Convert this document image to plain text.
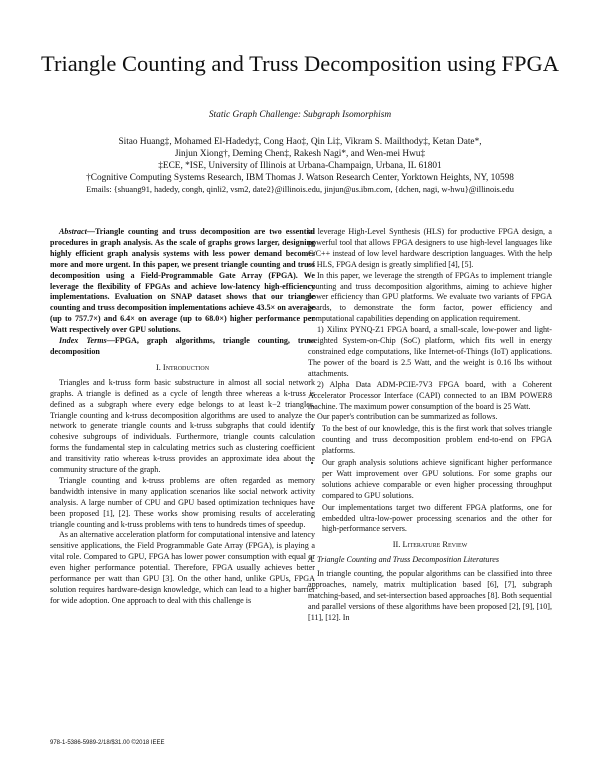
Triangle Counting and Truss Decomposition using FPGA
Static Graph Challenge: Subgraph Isomorphism
Sitao Huang‡, Mohamed El-Hadedy‡, Cong Hao‡, Qin Li‡, Vikram S. Mailthody‡, Ketan Date*,
Jinjun Xiong†, Deming Chen‡, Rakesh Nagi*, and Wen-mei Hwu‡
‡ECE, *ISE, University of Illinois at Urbana-Champaign, Urbana, IL 61801
†Cognitive Computing Systems Research, IBM Thomas J. Watson Research Center, Yorktown Heights, NY, 10598
Emails: {shuang91, hadedy, congh, qinli2, vsm2, date2}@illinois.edu, jinjun@us.ibm.com, {dchen, nagi, w-hwu}@illinois.edu

Abstract—Triangle counting and truss decomposition are two essential procedures in graph analysis. As the scale of graphs grows larger, designing highly efficient graph analysis systems with less power demand becomes more and more urgent. In this paper, we present triangle counting and truss decomposition using a Field-Programmable Gate Array (FPGA). We leverage the flexibility of FPGAs and achieve low-latency high-efficiency implementations. Evaluation on SNAP dataset shows that our triangle counting and truss decomposition implementations achieve 43.5× on average (up to 757.7×) and 6.4× on average (up to 68.0×) higher performance per Watt respectively over GPU solutions.

Index Terms—FPGA, graph algorithms, triangle counting, truss decomposition

I. Introduction

Triangles and k-truss form basic substructure in almost all social network graphs. A triangle is defined as a cycle of length three whereas a k-truss is defined as a subgraph where every edge belongs to at least k−2 triangles. Triangle counting and k-truss decomposition algorithms are used to analyze the network to generate triangle counts and k-truss subgraphs that could identify cohesive subgroups of individuals. Furthermore, triangle counts calculation forms the fundamental step in calculating metrics such as clustering coefficient and transitivity ratio whereas k-truss provides an approximate idea about the community structure of the graph.

Triangle counting and k-truss problems are often regarded as memory bandwidth intensive in many application scenarios like social network activity analysis. A large number of CPU and GPU based optimization techniques have been proposed [1], [2]. These works show promising results of accelerating triangle counting and k-truss problems with tens to hundreds times of speedup.

As an alternative acceleration platform for computational intensive and latency sensitive applications, the Field Programmable Gate Array (FPGA), is playing a vital role. Compared to GPU, FPGA has lower power consumption with equal or even higher performance potential. Therefore, FPGA usually achieves better performance per watt than GPU [3]. On the other hand, unlike GPUs, FPGA solution requires hardware-design knowledge, which can lead to a higher barrier for wide adoption. One approach to deal with this challenge is

to leverage High-Level Synthesis (HLS) for productive FPGA design, a powerful tool that allows FPGA designers to use high-level languages like C/C++ instead of low level hardware description languages. With the help of HLS, FPGA design is greatly simplified [4], [5].

In this paper, we leverage the strength of FPGAs to implement triangle counting and truss decomposition algorithms, aiming to achieve higher power efficiency than GPU platforms. We evaluate two variants of FPGA boards, to demonstrate the form factor, power efficiency and computational capabilities depending on application requirement.

1) Xilinx PYNQ-Z1 FPGA board, a small-scale, low-power and light-weighted System-on-Chip (SoC) platform, which fits well in energy constrained edge computations, like Internet-of-Things (IoT) applications. The power of the board is 2.5 Watt, and the weight is 0.16 lbs without attachments.

2) Alpha Data ADM-PCIE-7V3 FPGA board, with a Coherent Accelerator Processor Interface (CAPI) connected to an IBM POWER8 machine. The maximum power consumption of the board is 25 Watt.

Our paper's contribution can be summarized as follows.

• To the best of our knowledge, this is the first work that solves triangle counting and truss decomposition problem end-to-end on FPGA platforms.
• Our graph analysis solutions achieve significant higher performance per Watt improvement over GPU solutions. For some graphs our solutions achieve comparable or even higher processing throughput compared to GPU solutions.
• Our implementations target two different FPGA platforms, one for embedded ultra-low-power processing scenarios and the other for high-performance servers.
II. Literature Review
A. Triangle Counting and Truss Decomposition Literatures

In triangle counting, the popular algorithms can be classified into three approaches, namely, matrix multiplication based [6], [7], subgraph matching-based, and set-intersection based approaches [8]. Both sequential and parallel versions of these algorithms have been proposed [2], [9], [10], [11], [12]. In

978-1-5386-5989-2/18/$31.00 ©2018 IEEE
